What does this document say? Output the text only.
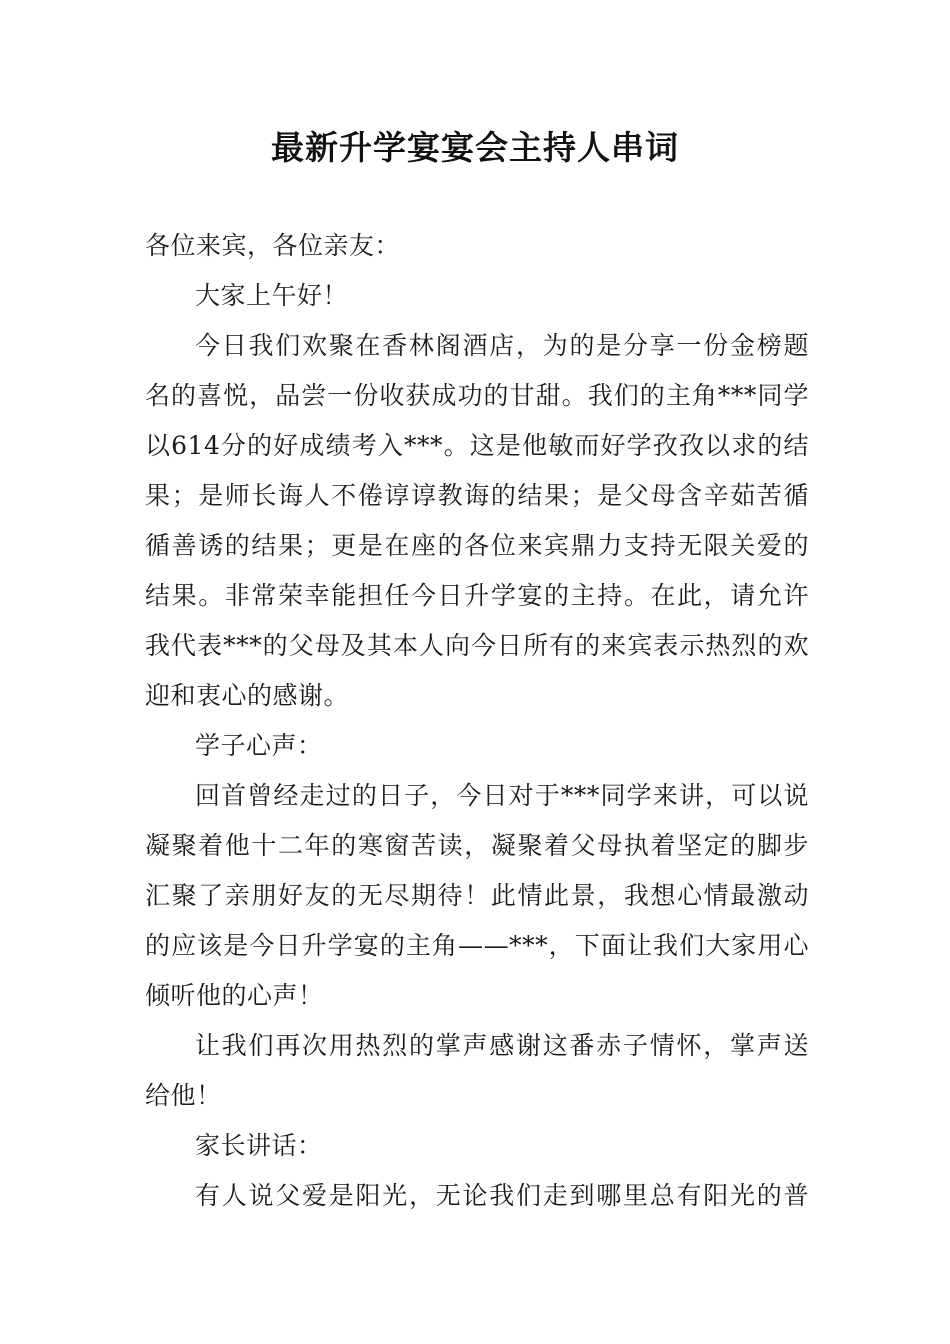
最新升学宴宴会主持人串词
各位来宾，各位亲友：
大家上午好！
今日我们欢聚在香林阁酒店，为的是分享一份金榜题
名的喜悦，品尝一份收获成功的甘甜。我们的主角***同学
以614分的好成绩考入***。这是他敏而好学孜孜以求的结
果；是师长诲人不倦谆谆教诲的结果；是父母含辛茹苦循
循善诱的结果；更是在座的各位来宾鼎力支持无限关爱的
结果。非常荣幸能担任今日升学宴的主持。在此，请允许
我代表***的父母及其本人向今日所有的来宾表示热烈的欢
迎和衷心的感谢。
学子心声：
回首曾经走过的日子，今日对于***同学来讲，可以说
凝聚着他十二年的寒窗苦读，凝聚着父母执着坚定的脚步
汇聚了亲朋好友的无尽期待！此情此景，我想心情最激动
的应该是今日升学宴的主角——***，下面让我们大家用心
倾听他的心声！
让我们再次用热烈的掌声感谢这番赤子情怀，掌声送
给他！
家长讲话：
有人说父爱是阳光，无论我们走到哪里总有阳光的普
